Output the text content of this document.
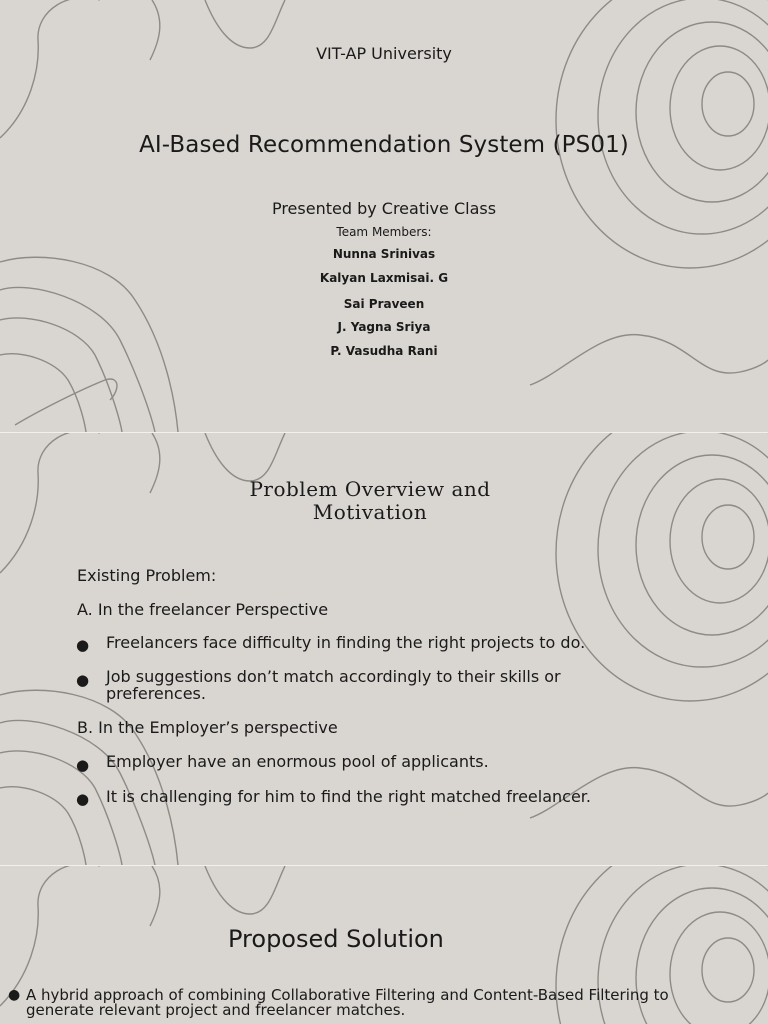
VIT-AP University
AI-Based Recommendation System (PS01)
Presented by Creative Class
Team Members:
Nunna Srinivas
Kalyan Laxmisai. G
Sai Praveen
J. Yagna Sriya
P. Vasudha Rani
Problem Overview and Motivation
Existing Problem:
A. In the freelancer Perspective
● Freelancers face difficulty in finding the right projects to do.
● Job suggestions don’t match accordingly to their skills or preferences.
B. In the Employer’s perspective
● Employer have an enormous pool of applicants.
● It is challenging for him to find the right matched freelancer.
Proposed Solution
● A hybrid approach of combining Collaborative Filtering and Content-Based Filtering to generate relevant project and freelancer matches.
